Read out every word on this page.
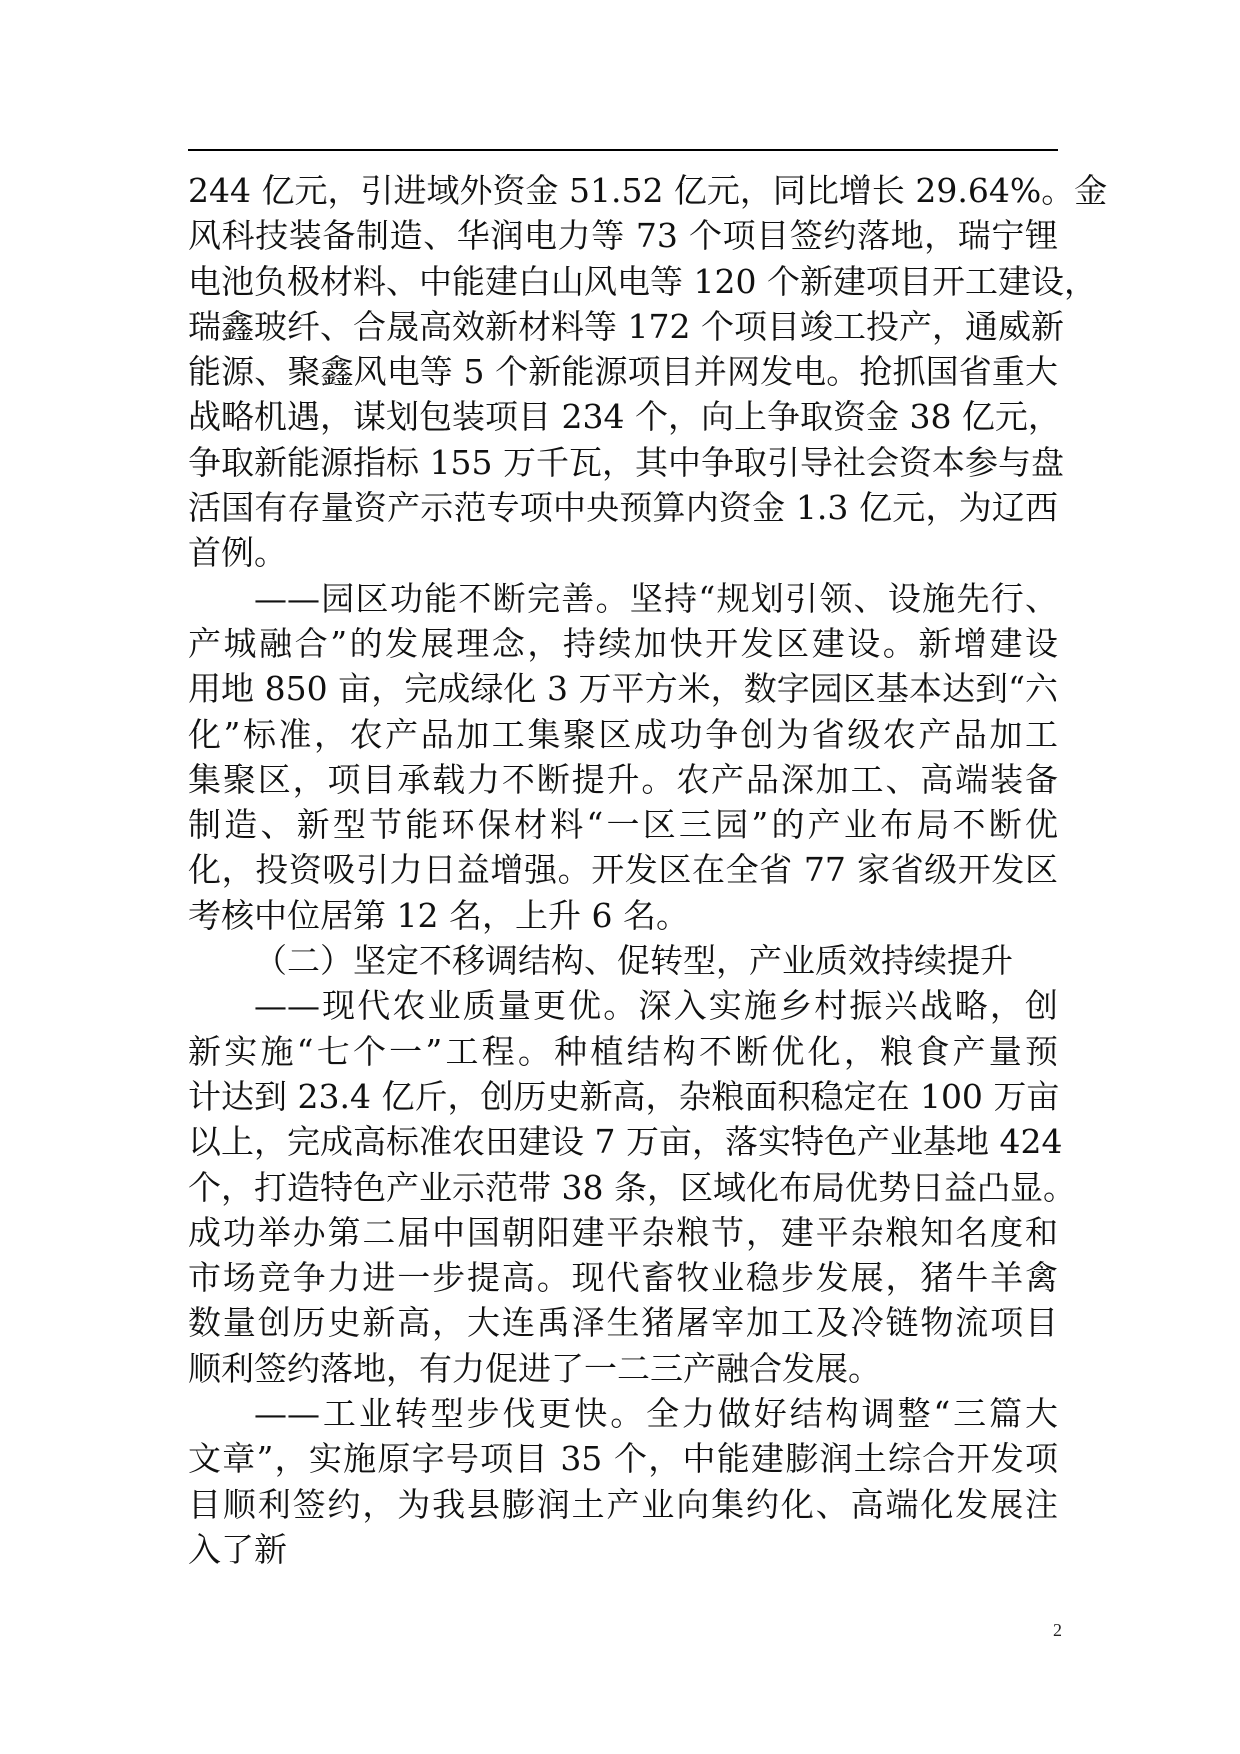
244 亿元，引进域外资金 51.52 亿元，同比增长 29.64%。金
风科技装备制造、华润电力等 73 个项目签约落地，瑞宁锂
电池负极材料、中能建白山风电等 120 个新建项目开工建设，
瑞鑫玻纤、合晟高效新材料等 172 个项目竣工投产，通威新
能源、聚鑫风电等 5 个新能源项目并网发电。抢抓国省重大
战略机遇，谋划包装项目 234 个，向上争取资金 38 亿元，
争取新能源指标 155 万千瓦，其中争取引导社会资本参与盘
活国有存量资产示范专项中央预算内资金 1.3 亿元，为辽西
首例。
——园区功能不断完善。坚持“规划引领、设施先行、
产城融合”的发展理念，持续加快开发区建设。新增建设
用地 850 亩，完成绿化 3 万平方米，数字园区基本达到“六
化”标准，农产品加工集聚区成功争创为省级农产品加工
集聚区，项目承载力不断提升。农产品深加工、高端装备
制造、新型节能环保材料“一区三园”的产业布局不断优
化，投资吸引力日益增强。开发区在全省 77 家省级开发区
考核中位居第 12 名，上升 6 名。
（二）坚定不移调结构、促转型，产业质效持续提升
——现代农业质量更优。深入实施乡村振兴战略，创
新实施“七个一”工程。种植结构不断优化，粮食产量预
计达到 23.4 亿斤，创历史新高，杂粮面积稳定在 100 万亩
以上，完成高标准农田建设 7 万亩，落实特色产业基地 424
个，打造特色产业示范带 38 条，区域化布局优势日益凸显。
成功举办第二届中国朝阳建平杂粮节，建平杂粮知名度和
市场竞争力进一步提高。现代畜牧业稳步发展，猪牛羊禽
数量创历史新高，大连禹泽生猪屠宰加工及冷链物流项目
顺利签约落地，有力促进了一二三产融合发展。
——工业转型步伐更快。全力做好结构调整“三篇大
文章”，实施原字号项目 35 个，中能建膨润土综合开发项
目顺利签约，为我县膨润土产业向集约化、高端化发展注
入了新
2
